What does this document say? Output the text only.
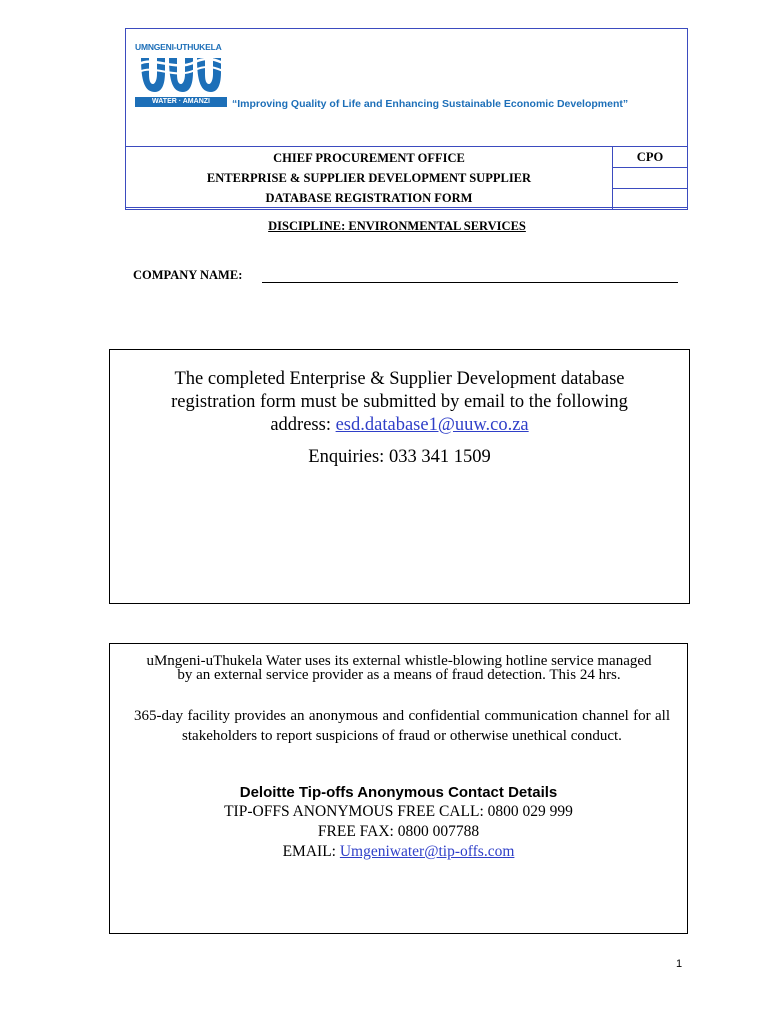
UMNGENI-UTHUKELA
WATER · AMANZI	“Improving Quality of Life and Enhancing Sustainable Economic Development”
CHIEF PROCUREMENT OFFICE
ENTERPRISE & SUPPLIER DEVELOPMENT SUPPLIER
DATABASE REGISTRATION FORM

CPO
DISCIPLINE: ENVIRONMENTAL SERVICES
COMPANY NAME:
The completed Enterprise & Supplier Development database
registration form must be submitted by email to the following
address: esd.database1@uuw.co.za
Enquiries: 033 341 1509
uMngeni-uThukela Water uses its external whistle-blowing hotline service managed
by an external service provider as a means of fraud detection. This 24 hrs.
365-day facility provides an anonymous and confidential communication channel for all stakeholders to report suspicions of fraud or otherwise unethical conduct.
Deloitte Tip-offs Anonymous Contact Details
TIP-OFFS ANONYMOUS FREE CALL: 0800 029 999
FREE FAX: 0800 007788
EMAIL: Umgeniwater@tip-offs.com
1
